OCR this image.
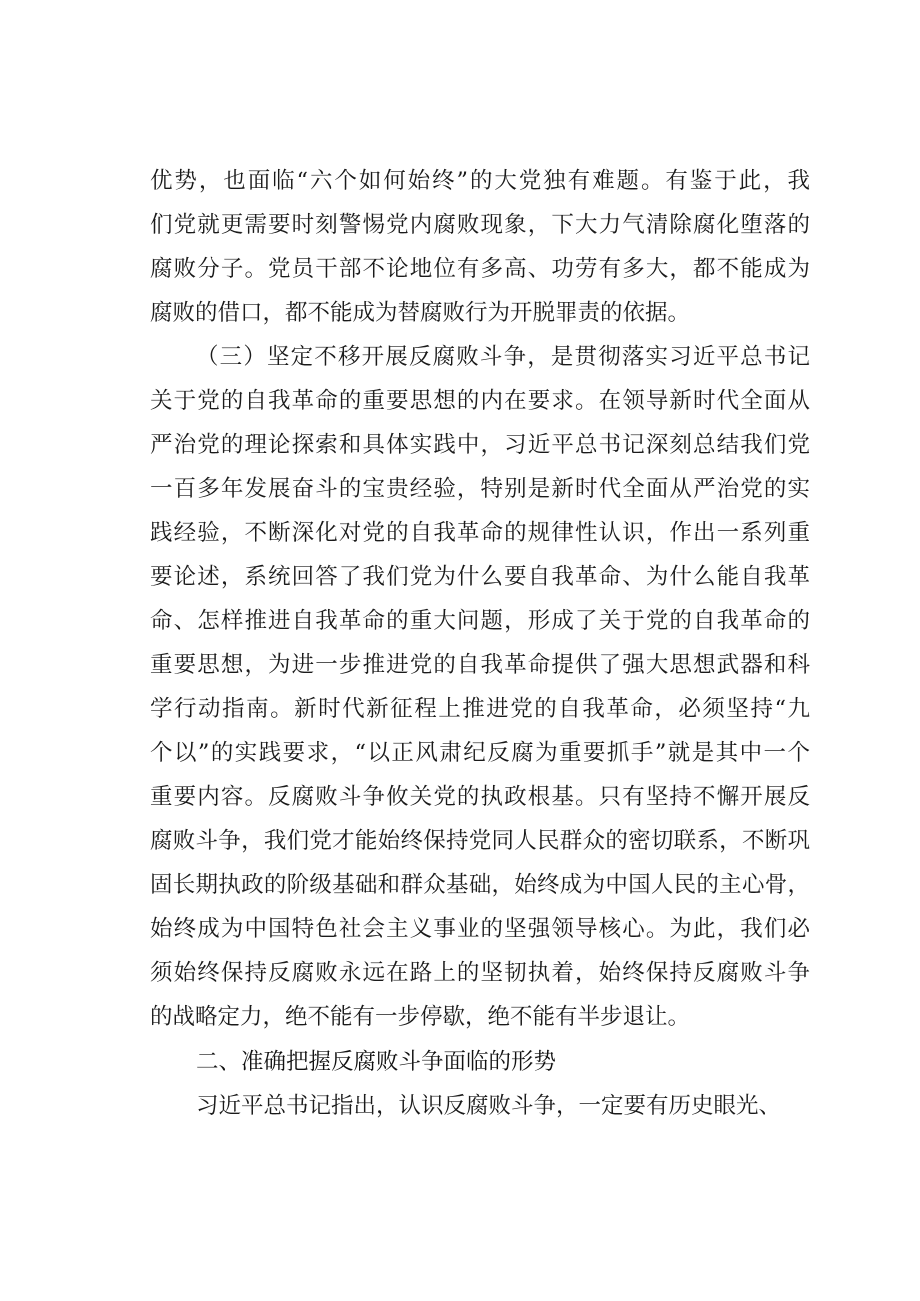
优势，也面临“六个如何始终”的大党独有难题。有鉴于此，我
们党就更需要时刻警惕党内腐败现象，下大力气清除腐化堕落的
腐败分子。党员干部不论地位有多高、功劳有多大，都不能成为
腐败的借口，都不能成为替腐败行为开脱罪责的依据。
（三）坚定不移开展反腐败斗争，是贯彻落实习近平总书记
关于党的自我革命的重要思想的内在要求。在领导新时代全面从
严治党的理论探索和具体实践中，习近平总书记深刻总结我们党
一百多年发展奋斗的宝贵经验，特别是新时代全面从严治党的实
践经验，不断深化对党的自我革命的规律性认识，作出一系列重
要论述，系统回答了我们党为什么要自我革命、为什么能自我革
命、怎样推进自我革命的重大问题，形成了关于党的自我革命的
重要思想，为进一步推进党的自我革命提供了强大思想武器和科
学行动指南。新时代新征程上推进党的自我革命，必须坚持“九
个以”的实践要求，“以正风肃纪反腐为重要抓手”就是其中一个
重要内容。反腐败斗争攸关党的执政根基。只有坚持不懈开展反
腐败斗争，我们党才能始终保持党同人民群众的密切联系，不断巩
固长期执政的阶级基础和群众基础，始终成为中国人民的主心骨，
始终成为中国特色社会主义事业的坚强领导核心。为此，我们必
须始终保持反腐败永远在路上的坚韧执着，始终保持反腐败斗争
的战略定力，绝不能有一步停歇，绝不能有半步退让。
二、准确把握反腐败斗争面临的形势
习近平总书记指出，认识反腐败斗争，一定要有历史眼光、
